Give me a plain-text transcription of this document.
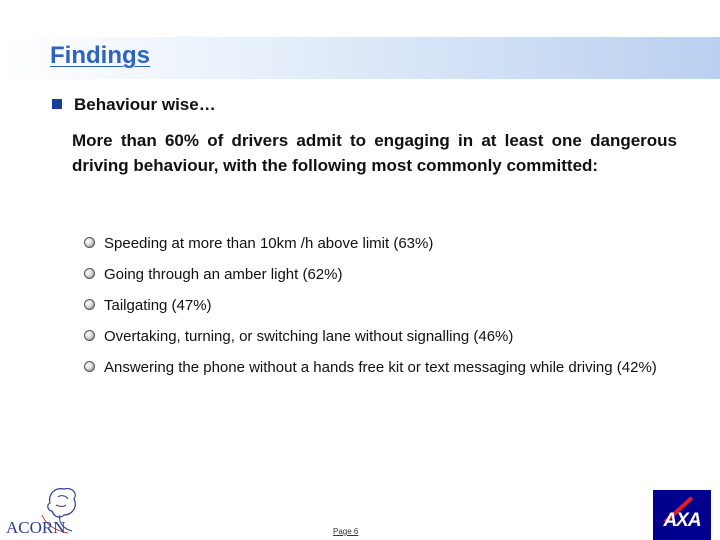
Findings
Behaviour wise…
More than 60% of drivers admit to engaging in at least one dangerous driving behaviour, with the following most commonly committed:
Speeding at more than 10km /h above limit (63%)
Going through an amber light (62%)
Tailgating (47%)
Overtaking, turning, or switching lane without signalling (46%)
Answering the phone without a hands free kit or text messaging while driving (42%)
ACORN	Page 6
AXA
